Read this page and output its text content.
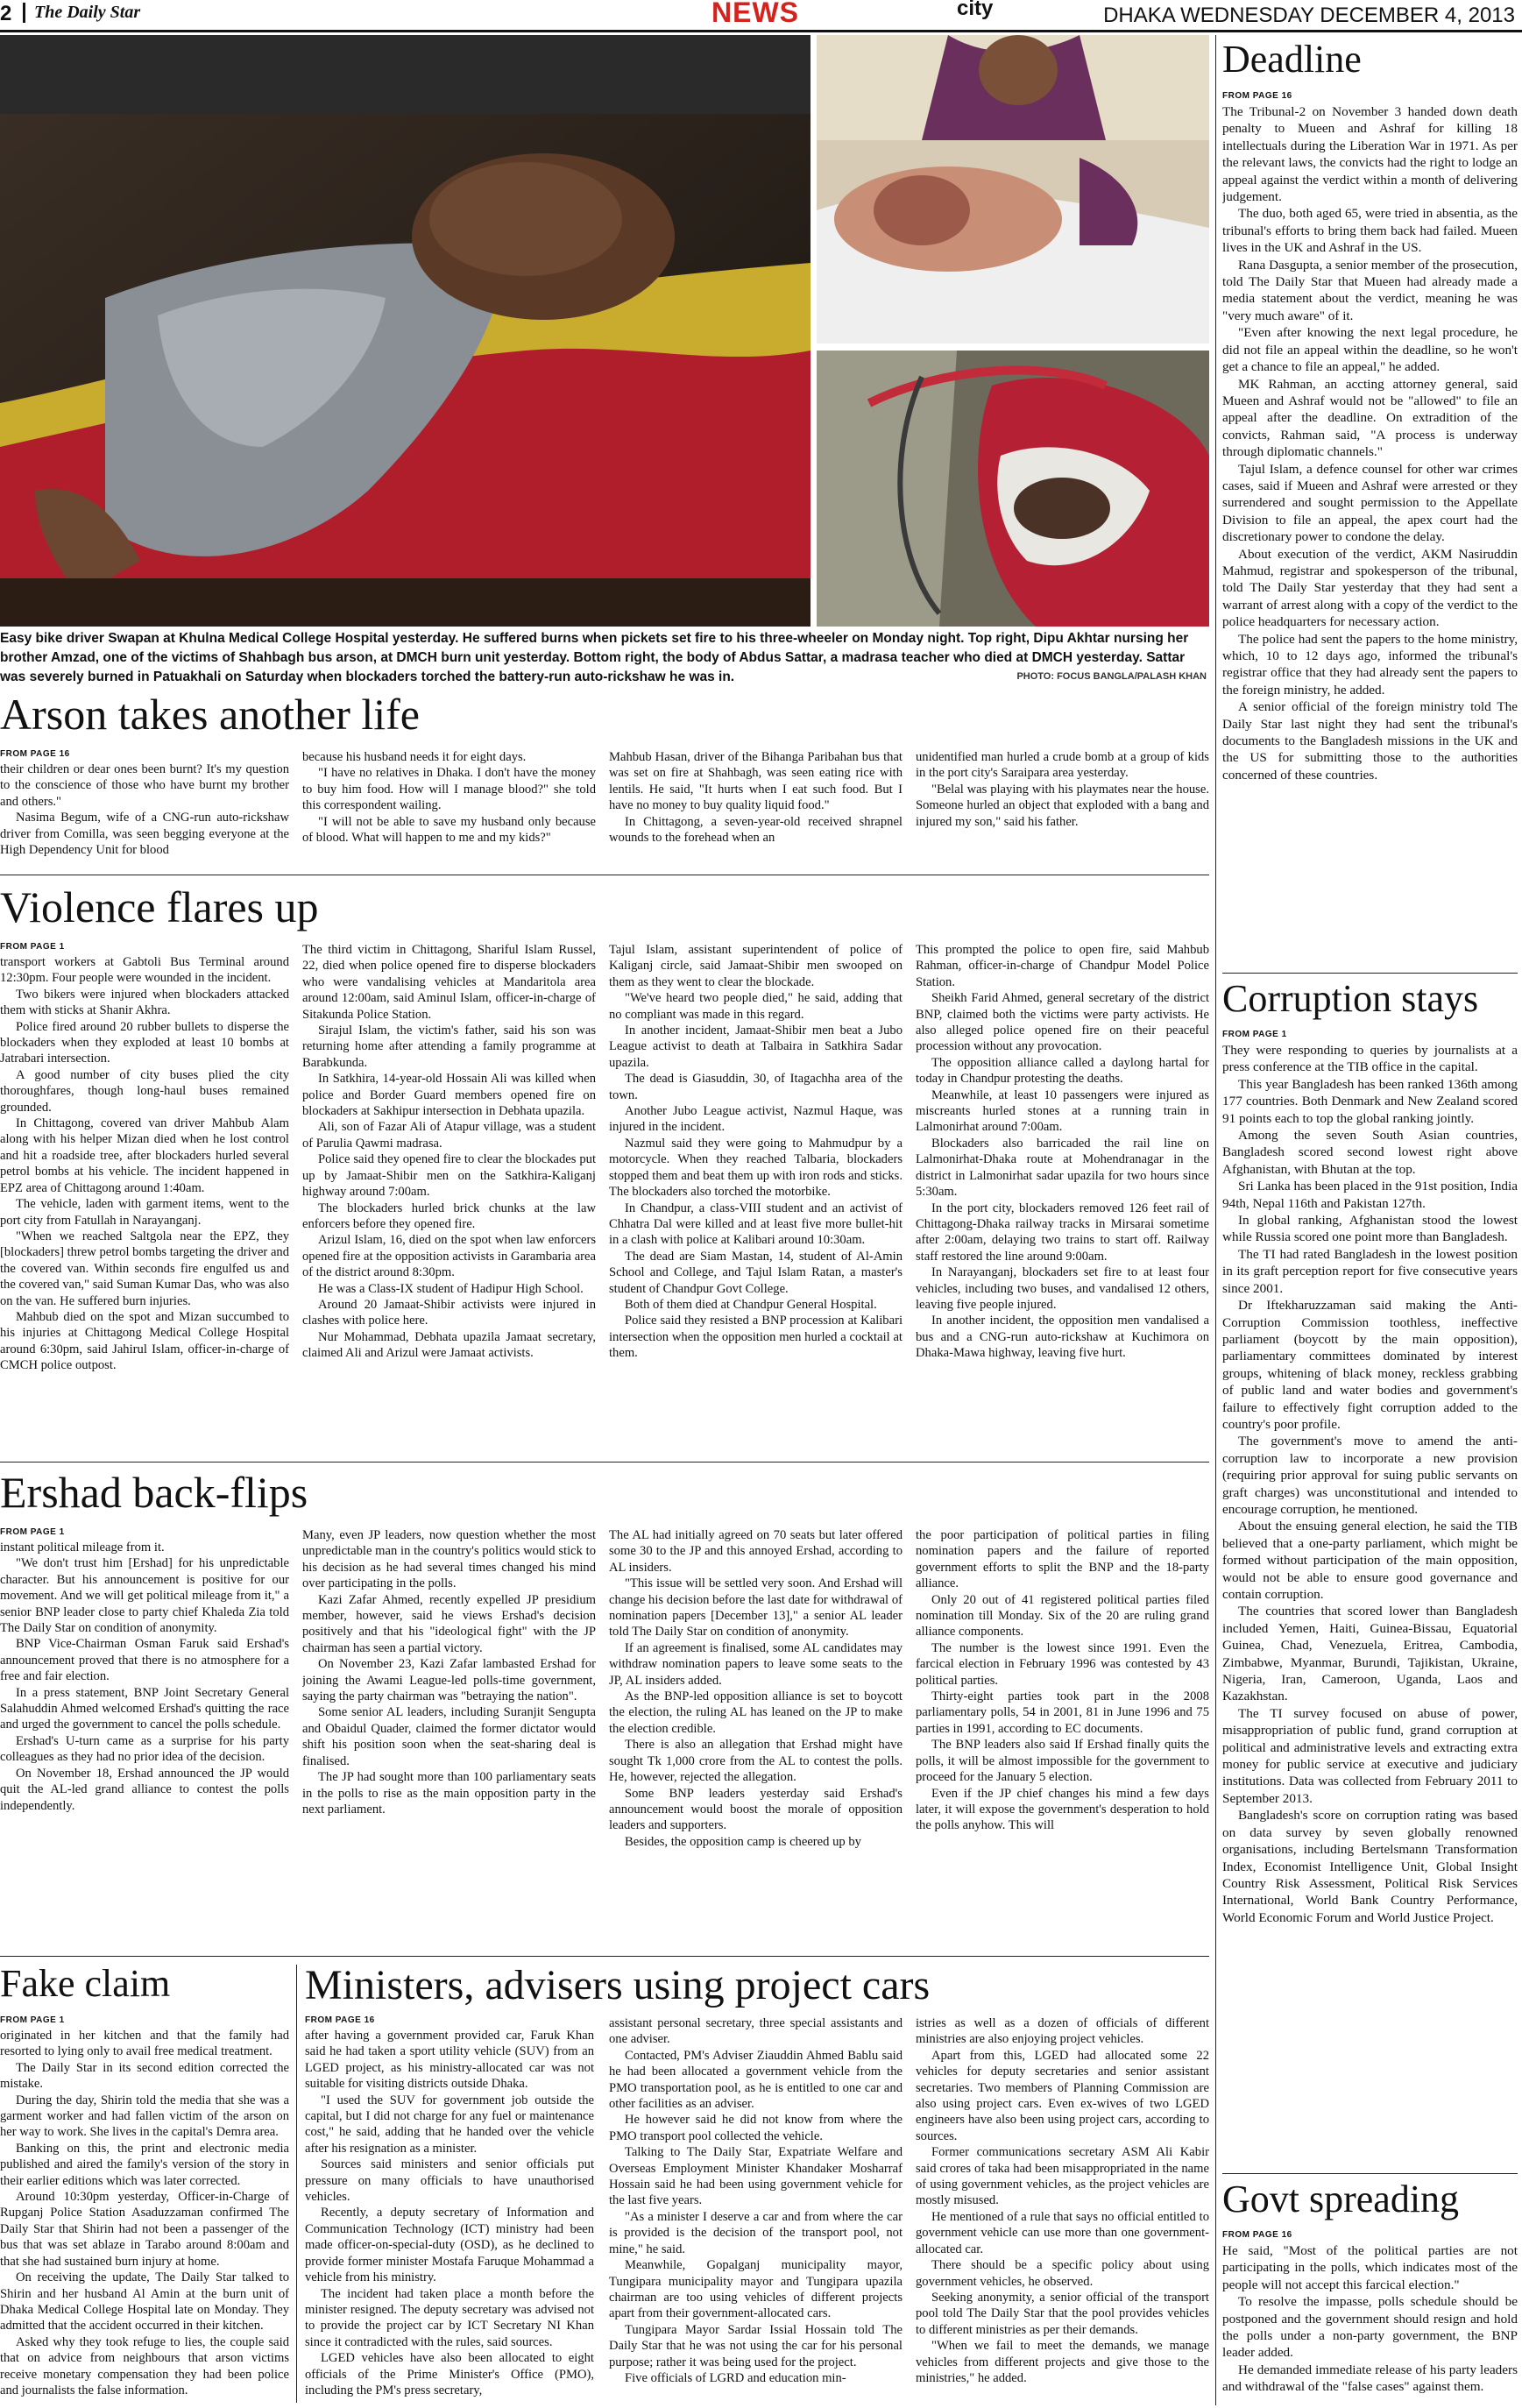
2	The Daily Star	NEWS	city	DHAKA WEDNESDAY DECEMBER 4, 2013
Easy bike driver Swapan at Khulna Medical College Hospital yesterday. He suffered burns when pickets set fire to his three-wheeler on Monday night. Top right, Dipu Akhtar nursing her brother Amzad, one of the victims of Shahbagh bus arson, at DMCH burn unit yesterday. Bottom right, the body of Abdus Sattar, a madrasa teacher who died at DMCH yesterday. Sattar was severely burned in Patuakhali on Saturday when blockaders torched the battery-run auto-rickshaw he was in.	PHOTO: FOCUS BANGLA/PALASH KHAN
Arson takes another life
FROM PAGE 16

their children or dear ones been burnt? It's my question to the conscience of those who have burnt my brother and others."

Nasima Begum, wife of a CNG-run auto-rickshaw driver from Comilla, was seen begging everyone at the High Dependency Unit for blood

because his husband needs it for eight days.

"I have no relatives in Dhaka. I don't have the money to buy him food. How will I manage blood?" she told this correspondent wailing.

"I will not be able to save my husband only because of blood. What will happen to me and my kids?"

Mahbub Hasan, driver of the Bihanga Paribahan bus that was set on fire at Shahbagh, was seen eating rice with lentils. He said, "It hurts when I eat such food. But I have no money to buy quality liquid food."

In Chittagong, a seven-year-old received shrapnel wounds to the forehead when an

unidentified man hurled a crude bomb at a group of kids in the port city's Saraipara area yesterday.

"Belal was playing with his playmates near the house. Someone hurled an object that exploded with a bang and injured my son," said his father.

Violence flares up
FROM PAGE 1

transport workers at Gabtoli Bus Terminal around 12:30pm. Four people were wounded in the incident.

Two bikers were injured when blockaders attacked them with sticks at Shanir Akhra.

Police fired around 20 rubber bullets to disperse the blockaders when they exploded at least 10 bombs at Jatrabari intersection.

A good number of city buses plied the city thoroughfares, though long-haul buses remained grounded.

In Chittagong, covered van driver Mahbub Alam along with his helper Mizan died when he lost control and hit a roadside tree, after blockaders hurled several petrol bombs at his vehicle. The incident happened in EPZ area of Chittagong around 1:40am.

The vehicle, laden with garment items, went to the port city from Fatullah in Narayanganj.

"When we reached Saltgola near the EPZ, they [blockaders] threw petrol bombs targeting the driver and the covered van. Within seconds fire engulfed us and the covered van," said Suman Kumar Das, who was also on the van. He suffered burn injuries.

Mahbub died on the spot and Mizan succumbed to his injuries at Chittagong Medical College Hospital around 6:30pm, said Jahirul Islam, officer-in-charge of CMCH police outpost.

The third victim in Chittagong, Shariful Islam Russel, 22, died when police opened fire to disperse blockaders who were vandalising vehicles at Mandaritola area around 12:00am, said Aminul Islam, officer-in-charge of Sitakunda Police Station.

Sirajul Islam, the victim's father, said his son was returning home after attending a family programme at Barabkunda.

In Satkhira, 14-year-old Hossain Ali was killed when police and Border Guard members opened fire on blockaders at Sakhipur intersection in Debhata upazila.

Ali, son of Fazar Ali of Atapur village, was a student of Parulia Qawmi madrasa.

Police said they opened fire to clear the blockades put up by Jamaat-Shibir men on the Satkhira-Kaliganj highway around 7:00am.

The blockaders hurled brick chunks at the law enforcers before they opened fire.

Arizul Islam, 16, died on the spot when law enforcers opened fire at the opposition activists in Garambaria area of the district around 8:30pm.

He was a Class-IX student of Hadipur High School.

Around 20 Jamaat-Shibir activists were injured in clashes with police here.

Nur Mohammad, Debhata upazila Jamaat secretary, claimed Ali and Arizul were Jamaat activists.

Tajul Islam, assistant superintendent of police of Kaliganj circle, said Jamaat-Shibir men swooped on them as they went to clear the blockade.

"We've heard two people died," he said, adding that no compliant was made in this regard.

In another incident, Jamaat-Shibir men beat a Jubo League activist to death at Talbaira in Satkhira Sadar upazila.

The dead is Giasuddin, 30, of Itagachha area of the town.

Another Jubo League activist, Nazmul Haque, was injured in the incident.

Nazmul said they were going to Mahmudpur by a motorcycle. When they reached Talbaria, blockaders stopped them and beat them up with iron rods and sticks. The blockaders also torched the motorbike.

In Chandpur, a class-VIII student and an activist of Chhatra Dal were killed and at least five more bullet-hit in a clash with police at Kalibari around 10:30am.

The dead are Siam Mastan, 14, student of Al-Amin School and College, and Tajul Islam Ratan, a master's student of Chandpur Govt College.

Both of them died at Chandpur General Hospital.

Police said they resisted a BNP procession at Kalibari intersection when the opposition men hurled a cocktail at them.

This prompted the police to open fire, said Mahbub Rahman, officer-in-charge of Chandpur Model Police Station.

Sheikh Farid Ahmed, general secretary of the district BNP, claimed both the victims were party activists. He also alleged police opened fire on their peaceful procession without any provocation.

The opposition alliance called a daylong hartal for today in Chandpur protesting the deaths.

Meanwhile, at least 10 passengers were injured as miscreants hurled stones at a running train in Lalmonirhat around 7:00am.

Blockaders also barricaded the rail line on Lalmonirhat-Dhaka route at Mohendranagar in the district in Lalmonirhat sadar upazila for two hours since 5:30am.

In the port city, blockaders removed 126 feet rail of Chittagong-Dhaka railway tracks in Mirsarai sometime after 2:00am, delaying two trains to start off. Railway staff restored the line around 9:00am.

In Narayanganj, blockaders set fire to at least four vehicles, including two buses, and vandalised 12 others, leaving five people injured.

In another incident, the opposition men vandalised a bus and a CNG-run auto-rickshaw at Kuchimora on Dhaka-Mawa highway, leaving five hurt.

Ershad back-flips
FROM PAGE 1

instant political mileage from it.

"We don't trust him [Ershad] for his unpredictable character. But his announcement is positive for our movement. And we will get political mileage from it," a senior BNP leader close to party chief Khaleda Zia told The Daily Star on condition of anonymity.

BNP Vice-Chairman Osman Faruk said Ershad's announcement proved that there is no atmosphere for a free and fair election.

In a press statement, BNP Joint Secretary General Salahuddin Ahmed welcomed Ershad's quitting the race and urged the government to cancel the polls schedule.

Ershad's U-turn came as a surprise for his party colleagues as they had no prior idea of the decision.

On November 18, Ershad announced the JP would quit the AL-led grand alliance to contest the polls independently.

Many, even JP leaders, now question whether the most unpredictable man in the country's politics would stick to his decision as he had several times changed his mind over participating in the polls.

Kazi Zafar Ahmed, recently expelled JP presidium member, however, said he views Ershad's decision positively and that his "ideological fight" with the JP chairman has seen a partial victory.

On November 23, Kazi Zafar lambasted Ershad for joining the Awami League-led polls-time government, saying the party chairman was "betraying the nation".

Some senior AL leaders, including Suranjit Sengupta and Obaidul Quader, claimed the former dictator would shift his position soon when the seat-sharing deal is finalised.

The JP had sought more than 100 parliamentary seats in the polls to rise as the main opposition party in the next parliament.

The AL had initially agreed on 70 seats but later offered some 30 to the JP and this annoyed Ershad, according to AL insiders.

"This issue will be settled very soon. And Ershad will change his decision before the last date for withdrawal of nomination papers [December 13]," a senior AL leader told The Daily Star on condition of anonymity.

If an agreement is finalised, some AL candidates may withdraw nomination papers to leave some seats to the JP, AL insiders added.

As the BNP-led opposition alliance is set to boycott the election, the ruling AL has leaned on the JP to make the election credible.

There is also an allegation that Ershad might have sought Tk 1,000 crore from the AL to contest the polls. He, however, rejected the allegation.

Some BNP leaders yesterday said Ershad's announcement would boost the morale of opposition leaders and supporters.

Besides, the opposition camp is cheered up by

the poor participation of political parties in filing nomination papers and the failure of reported government efforts to split the BNP and the 18-party alliance.

Only 20 out of 41 registered political parties filed nomination till Monday. Six of the 20 are ruling grand alliance components.

The number is the lowest since 1991. Even the farcical election in February 1996 was contested by 43 political parties.

Thirty-eight parties took part in the 2008 parliamentary polls, 54 in 2001, 81 in June 1996 and 75 parties in 1991, according to EC documents.

The BNP leaders also said If Ershad finally quits the polls, it will be almost impossible for the government to proceed for the January 5 election.

Even if the JP chief changes his mind a few days later, it will expose the government's desperation to hold the polls anyhow. This will

Fake claim
FROM PAGE 1

originated in her kitchen and that the family had resorted to lying only to avail free medical treatment.

The Daily Star in its second edition corrected the mistake.

During the day, Shirin told the media that she was a garment worker and had fallen victim of the arson on her way to work. She lives in the capital's Demra area.

Banking on this, the print and electronic media published and aired the family's version of the story in their earlier editions which was later corrected.

Around 10:30pm yesterday, Officer-in-Charge of Rupganj Police Station Asaduzzaman confirmed The Daily Star that Shirin had not been a passenger of the bus that was set ablaze in Tarabo around 8:00am and that she had sustained burn injury at home.

On receiving the update, The Daily Star talked to Shirin and her husband Al Amin at the burn unit of Dhaka Medical College Hospital late on Monday. They admitted that the accident occurred in their kitchen.

Asked why they took refuge to lies, the couple said that on advice from neighbours that arson victims receive monetary compensation they had been police and journalists the false information.

Ministers, advisers using project cars
FROM PAGE 16

after having a government provided car, Faruk Khan said he had taken a sport utility vehicle (SUV) from an LGED project, as his ministry-allocated car was not suitable for visiting districts outside Dhaka.

"I used the SUV for government job outside the capital, but I did not charge for any fuel or maintenance cost," he said, adding that he handed over the vehicle after his resignation as a minister.

Sources said ministers and senior officials put pressure on many officials to have unauthorised vehicles.

Recently, a deputy secretary of Information and Communication Technology (ICT) ministry had been made officer-on-special-duty (OSD), as he declined to provide former minister Mostafa Faruque Mohammad a vehicle from his ministry.

The incident had taken place a month before the minister resigned. The deputy secretary was advised not to provide the project car by ICT Secretary NI Khan since it contradicted with the rules, said sources.

LGED vehicles have also been allocated to eight officials of the Prime Minister's Office (PMO), including the PM's press secretary,

assistant personal secretary, three special assistants and one adviser.

Contacted, PM's Adviser Ziauddin Ahmed Bablu said he had been allocated a government vehicle from the PMO transportation pool, as he is entitled to one car and other facilities as an adviser.

He however said he did not know from where the PMO transport pool collected the vehicle.

Talking to The Daily Star, Expatriate Welfare and Overseas Employment Minister Khandaker Mosharraf Hossain said he had been using government vehicle for the last five years.

"As a minister I deserve a car and from where the car is provided is the decision of the transport pool, not mine," he said.

Meanwhile, Gopalganj municipality mayor, Tungipara municipality mayor and Tungipara upazila chairman are too using vehicles of different projects apart from their government-allocated cars.

Tungipara Mayor Sardar Issial Hossain told The Daily Star that he was not using the car for his personal purpose; rather it was being used for the project.

Five officials of LGRD and education min-

istries as well as a dozen of officials of different ministries are also enjoying project vehicles.

Apart from this, LGED had allocated some 22 vehicles for deputy secretaries and senior assistant secretaries. Two members of Planning Commission are also using project cars. Even ex-wives of two LGED engineers have also been using project cars, according to sources.

Former communications secretary ASM Ali Kabir said crores of taka had been misappropriated in the name of using government vehicles, as the project vehicles are mostly misused.

He mentioned of a rule that says no official entitled to government vehicle can use more than one government-allocated car.

There should be a specific policy about using government vehicles, he observed.

Seeking anonymity, a senior official of the transport pool told The Daily Star that the pool provides vehicles to different ministries as per their demands.

"When we fail to meet the demands, we manage vehicles from different projects and give those to the ministries," he added.

Deadline
FROM PAGE 16

The Tribunal-2 on November 3 handed down death penalty to Mueen and Ashraf for killing 18 intellectuals during the Liberation War in 1971. As per the relevant laws, the convicts had the right to lodge an appeal against the verdict within a month of delivering judgement.

The duo, both aged 65, were tried in absentia, as the tribunal's efforts to bring them back had failed. Mueen lives in the UK and Ashraf in the US.

Rana Dasgupta, a senior member of the prosecution, told The Daily Star that Mueen had already made a media statement about the verdict, meaning he was "very much aware" of it.

"Even after knowing the next legal procedure, he did not file an appeal within the deadline, so he won't get a chance to file an appeal," he added.

MK Rahman, an accting attorney general, said Mueen and Ashraf would not be "allowed" to file an appeal after the deadline. On extradition of the convicts, Rahman said, "A process is underway through diplomatic channels."

Tajul Islam, a defence counsel for other war crimes cases, said if Mueen and Ashraf were arrested or they surrendered and sought permission to the Appellate Division to file an appeal, the apex court had the discretionary power to condone the delay.

About execution of the verdict, AKM Nasiruddin Mahmud, registrar and spokesperson of the tribunal, told The Daily Star yesterday that they had sent a warrant of arrest along with a copy of the verdict to the police headquarters for necessary action.

The police had sent the papers to the home ministry, which, 10 to 12 days ago, informed the tribunal's registrar office that they had already sent the papers to the foreign ministry, he added.

A senior official of the foreign ministry told The Daily Star last night they had sent the tribunal's documents to the Bangladesh missions in the UK and the US for submitting those to the authorities concerned of these countries.

Corruption stays
FROM PAGE 1

They were responding to queries by journalists at a press conference at the TIB office in the capital.

This year Bangladesh has been ranked 136th among 177 countries. Both Denmark and New Zealand scored 91 points each to top the global ranking jointly.

Among the seven South Asian countries, Bangladesh scored second lowest right above Afghanistan, with Bhutan at the top.

Sri Lanka has been placed in the 91st position, India 94th, Nepal 116th and Pakistan 127th.

In global ranking, Afghanistan stood the lowest while Russia scored one point more than Bangladesh.

The TI had rated Bangladesh in the lowest position in its graft perception report for five consecutive years since 2001.

Dr Iftekharuzzaman said making the Anti-Corruption Commission toothless, ineffective parliament (boycott by the main opposition), parliamentary committees dominated by interest groups, whitening of black money, reckless grabbing of public land and water bodies and government's failure to effectively fight corruption added to the country's poor profile.

The government's move to amend the anti-corruption law to incorporate a new provision (requiring prior approval for suing public servants on graft charges) was unconstitutional and intended to encourage corruption, he mentioned.

About the ensuing general election, he said the TIB believed that a one-party parliament, which might be formed without participation of the main opposition, would not be able to ensure good governance and contain corruption.

The countries that scored lower than Bangladesh included Yemen, Haiti, Guinea-Bissau, Equatorial Guinea, Chad, Venezuela, Eritrea, Cambodia, Zimbabwe, Myanmar, Burundi, Tajikistan, Ukraine, Nigeria, Iran, Cameroon, Uganda, Laos and Kazakhstan.

The TI survey focused on abuse of power, misappropriation of public fund, grand corruption at political and administrative levels and extracting extra money for public service at executive and judiciary institutions. Data was collected from February 2011 to September 2013.

Bangladesh's score on corruption rating was based on data survey by seven globally renowned organisations, including Bertelsmann Transformation Index, Economist Intelligence Unit, Global Insight Country Risk Assessment, Political Risk Services International, World Bank Country Performance, World Economic Forum and World Justice Project.

Govt spreading
FROM PAGE 16

He said, "Most of the political parties are not participating in the polls, which indicates most of the people will not accept this farcical election."

To resolve the impasse, polls schedule should be postponed and the government should resign and hold the polls under a non-party government, the BNP leader added.

He demanded immediate release of his party leaders and withdrawal of the "false cases" against them.
